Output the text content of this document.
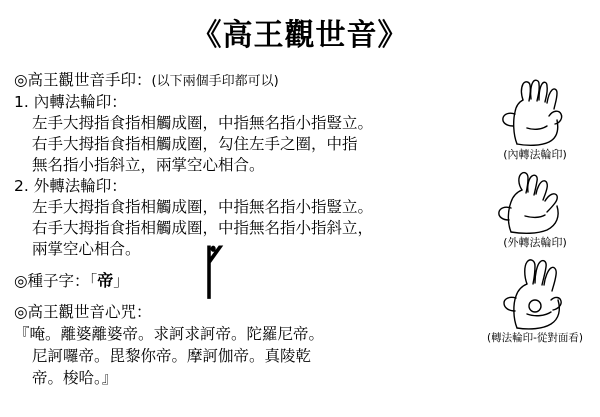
《高王觀世音》
◎高王觀世音手印：(以下兩個手印都可以)
1. 內轉法輪印：
左手大拇指食指相觸成圈，中指無名指小指豎立。
右手大拇指食指相觸成圈，勾住左手之圈，中指
無名指小指斜立，兩掌空心相合。
2. 外轉法輪印：
左手大拇指食指相觸成圈，中指無名指小指豎立。
右手大拇指食指相觸成圈，中指無名指小指斜立，
兩掌空心相合。
◎種子字：「帝」
◎高王觀世音心咒：
『唵。離婆離婆帝。求訶求訶帝。陀羅尼帝。
尼訶囉帝。毘黎你帝。摩訶伽帝。真陵乾
帝。梭哈。』
ᚵ
(內轉法輪印)
(外轉法輪印)
(轉法輪印-從對面看)
